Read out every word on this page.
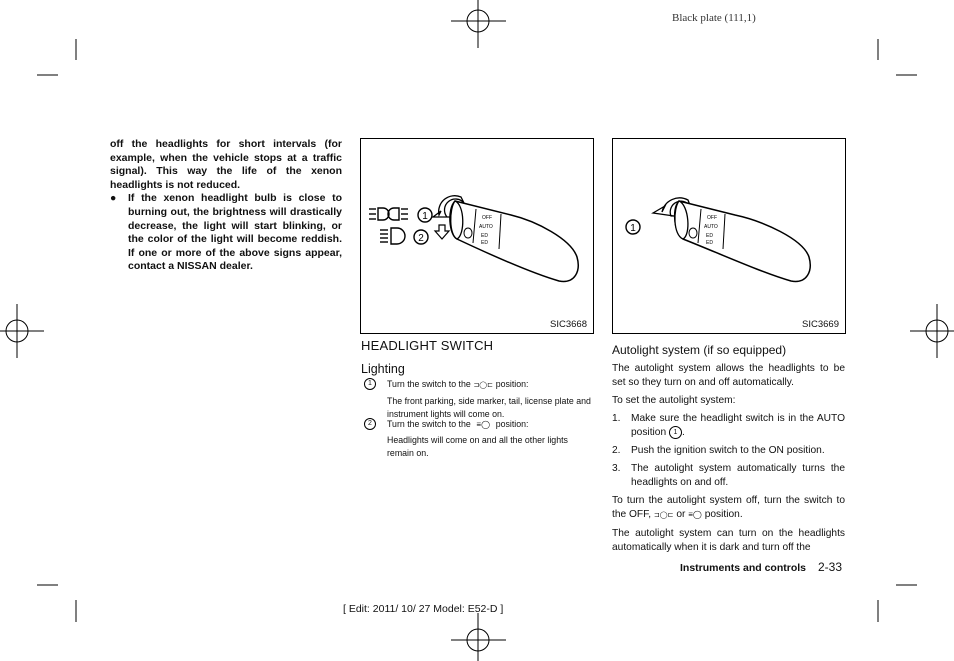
Black plate (111,1)

off the headlights for short intervals (for example, when the vehicle stops at a traffic signal). This way the life of the xenon headlights is not reduced.

● If the xenon headlight bulb is close to burning out, the brightness will drastically decrease, the light will start blinking, or the color of the light will become reddish. If one or more of the above signs appear, contact a NISSAN dealer.
1
2
OFF
AUTO
ED
ED
SIC3668
HEADLIGHT SWITCH
Lighting
1	Turn the switch to the ⊐◯⊏ position:
The front parking, side marker, tail, license plate and instrument lights will come on.
2	Turn the switch to the ≡◯ position:
Headlights will come on and all the other lights remain on.
1
OFF
AUTO
ED
ED
SIC3669
Autolight system (if so equipped)

The autolight system allows the headlights to be set so they turn on and off automatically.

To set the autolight system:

1. Make sure the headlight switch is in the AUTO position 1 .
2. Push the ignition switch to the ON position.
3. The autolight system automatically turns the headlights on and off.

To turn the autolight system off, turn the switch to the OFF, ⊐◯⊏ or ≡◯ position.

The autolight system can turn on the headlights automatically when it is dark and turn off the

Instruments and controls 2-33
[ Edit: 2011/ 10/ 27 Model: E52-D ]
